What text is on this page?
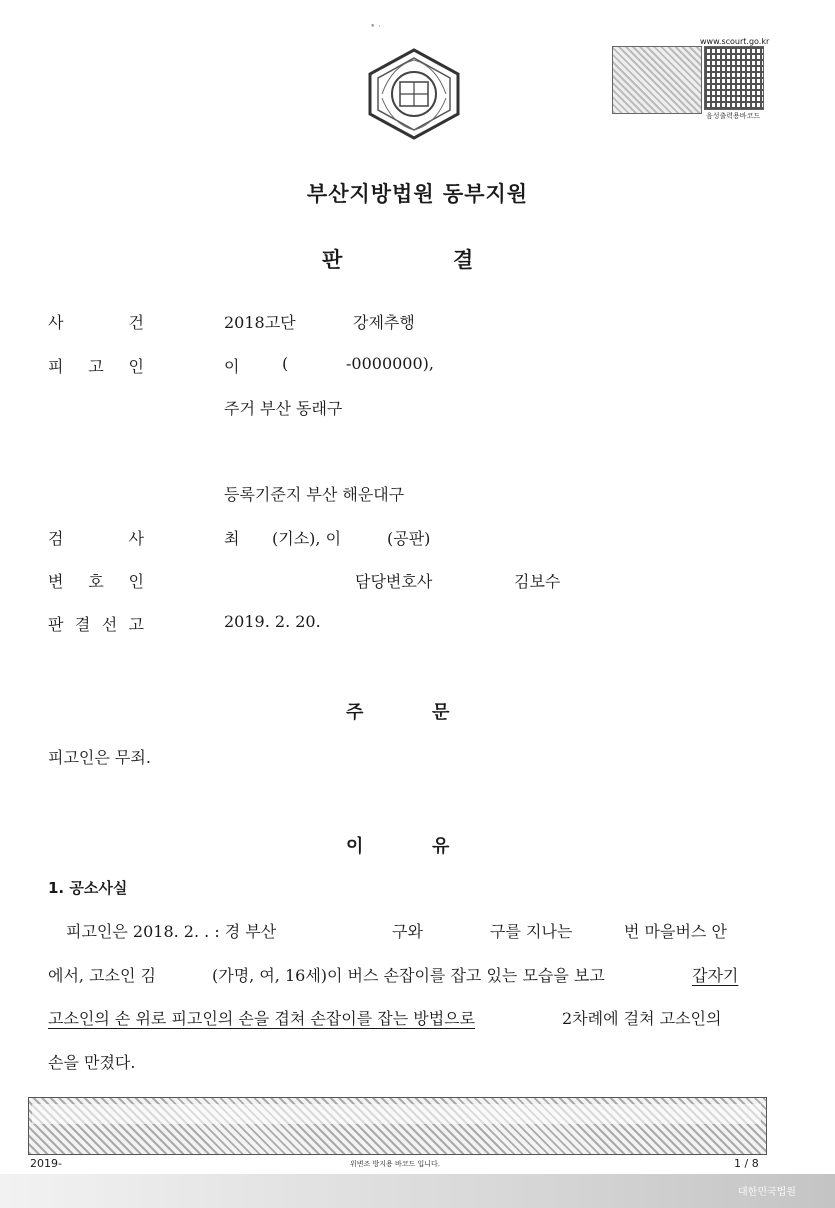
• ·
www.scourt.go.kr
음성출력용바코드
부산지방법원 동부지원
판	결
사	건	2018고단	강제추행
피 고 인	이	(	-0000000),
주거 부산 동래구
등록기준지 부산 해운대구
검	사	최 (기소), 이	(공판)
변 호 인	담당변호사	김보수
판 결 선 고	2019. 2. 20.
주	문
피고인은 무죄.
이	유
1. 공소사실
피고인은 2018. 2. . : 경 부산	구와	구를 지나는	번 마을버스 안
에서, 고소인 김	(가명, 여, 16세)이 버스 손잡이를 잡고 있는 모습을 보고	갑자기
고소인의 손 위로 피고인의 손을 겹쳐 손잡이를 잡는 방법으로	2차례에 걸쳐 고소인의
손을 만졌다.
2019-	위변조 방지용 바코드 입니다.	1 / 8
대한민국법원
